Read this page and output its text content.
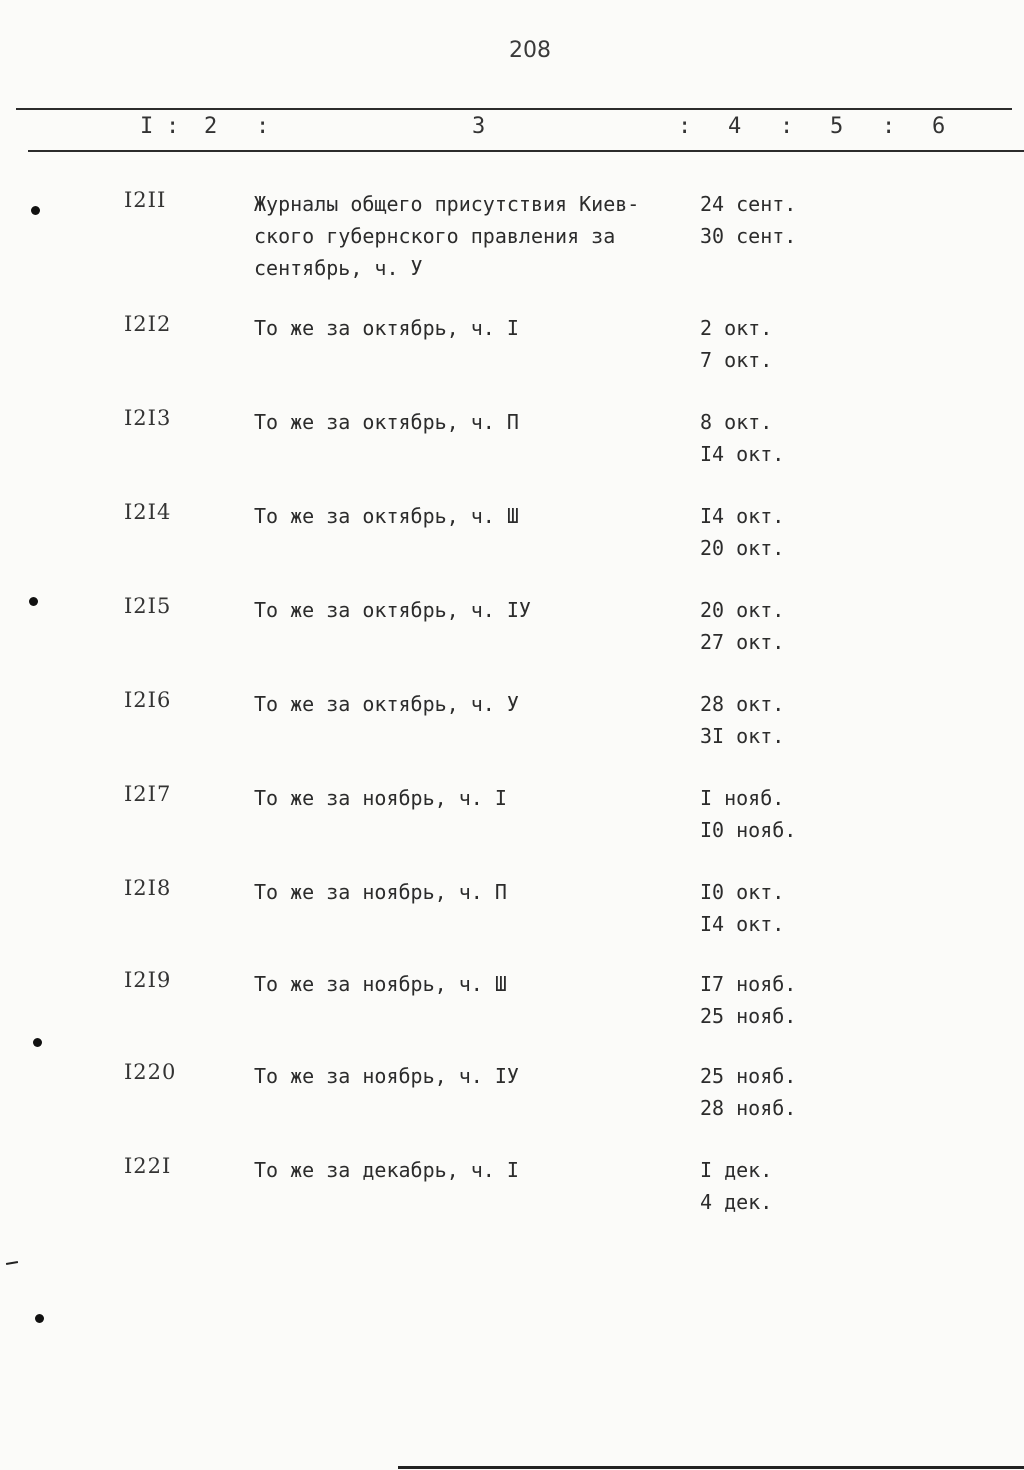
208
I : 2 :	3	: 4 : 5 : 6
I2II	Журналы общего присутствия Киев-
ского губернского правления за
сентябрь, ч. У
24 сент.
30 сент.
I2I2	То же за октябрь, ч. I	2 окт.
7 окт.
I2I3	То же за октябрь, ч. П	8 окт.
I4 окт.
I2I4	То же за октябрь, ч. Ш	I4 окт.
20 окт.
I2I5	То же за октябрь, ч. IУ	20 окт.
27 окт.
I2I6	То же за октябрь, ч. У	28 окт.
3I окт.
I2I7	То же за ноябрь, ч. I	I нояб.
I0 нояб.
I2I8	То же за ноябрь, ч. П	I0 окт.
I4 окт.
I2I9	То же за ноябрь, ч. Ш	I7 нояб.
25 нояб.
I220	То же за ноябрь, ч. IУ	25 нояб.
28 нояб.
I22I	То же за декабрь, ч. I	I дек.
4 дек.
